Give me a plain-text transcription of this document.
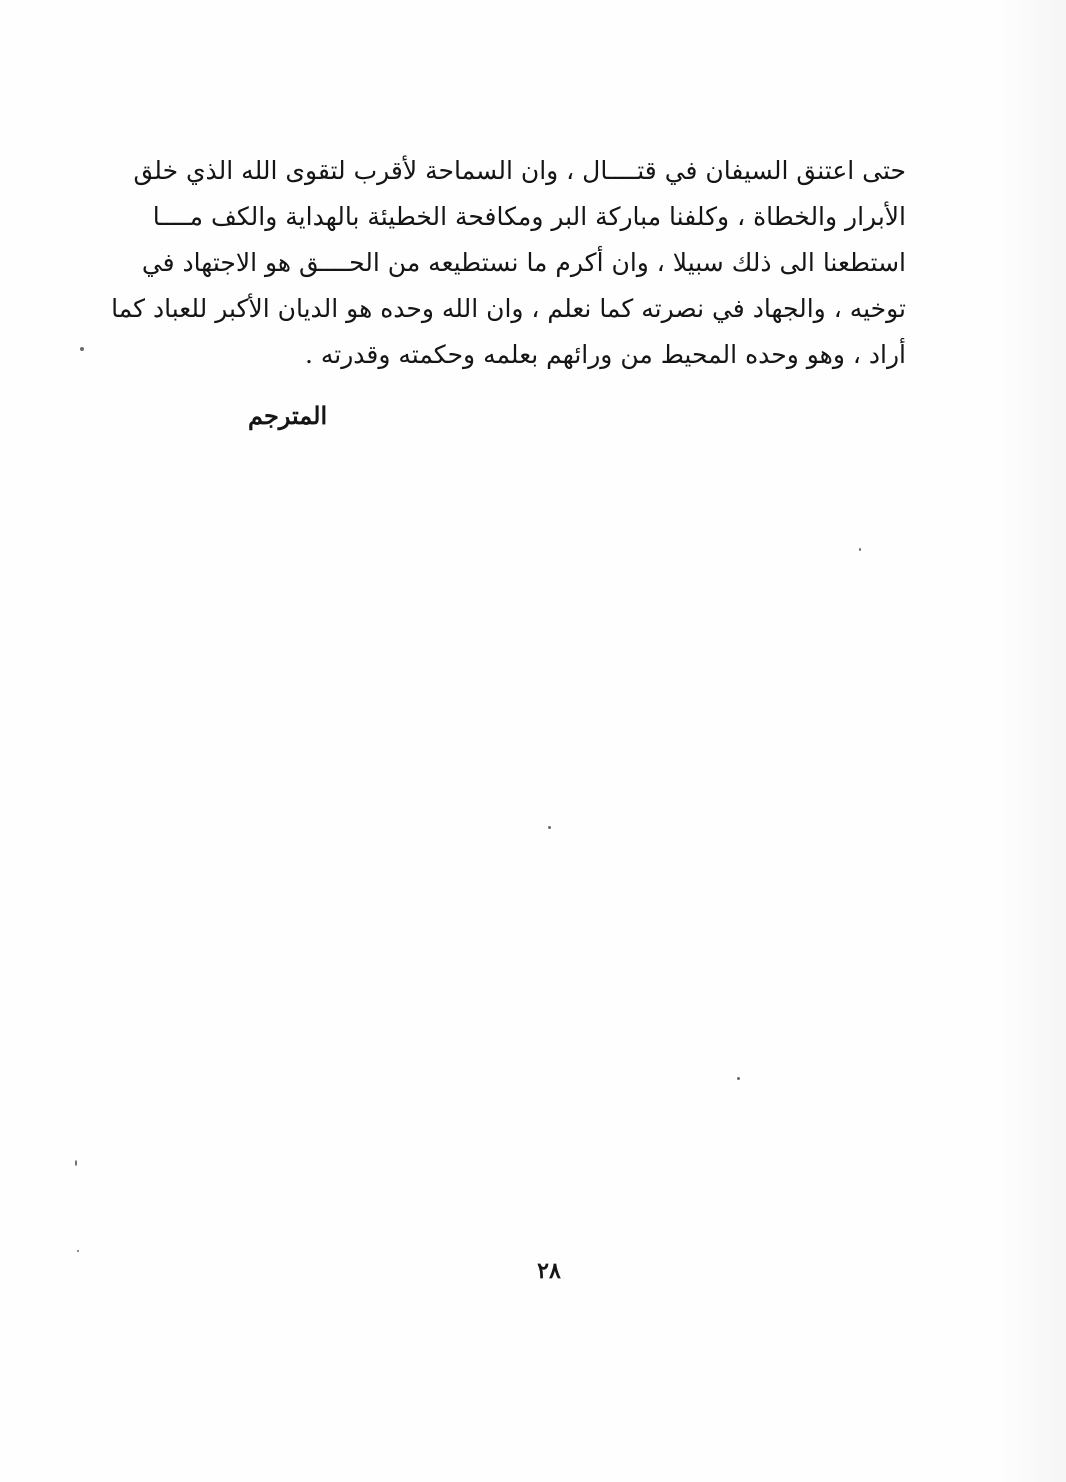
حتى اعتنق السيفان في قتــــال ، وان السماحة لأقرب لتقوى الله الذي خلق
الأبرار والخطاة ، وكلفنا مباركة البر ومكافحة الخطيئة بالهداية والكف مــــا
استطعنا الى ذلك سبيلا ، وان أكرم ما نستطيعه من الحــــق هو الاجتهاد في
توخيه ، والجهاد في نصرته كما نعلم ، وان الله وحده هو الديان الأكبر للعباد كما
أراد ، وهو وحده المحيط من ورائهم بعلمه وحكمته وقدرته .
المترجم
٢٨
